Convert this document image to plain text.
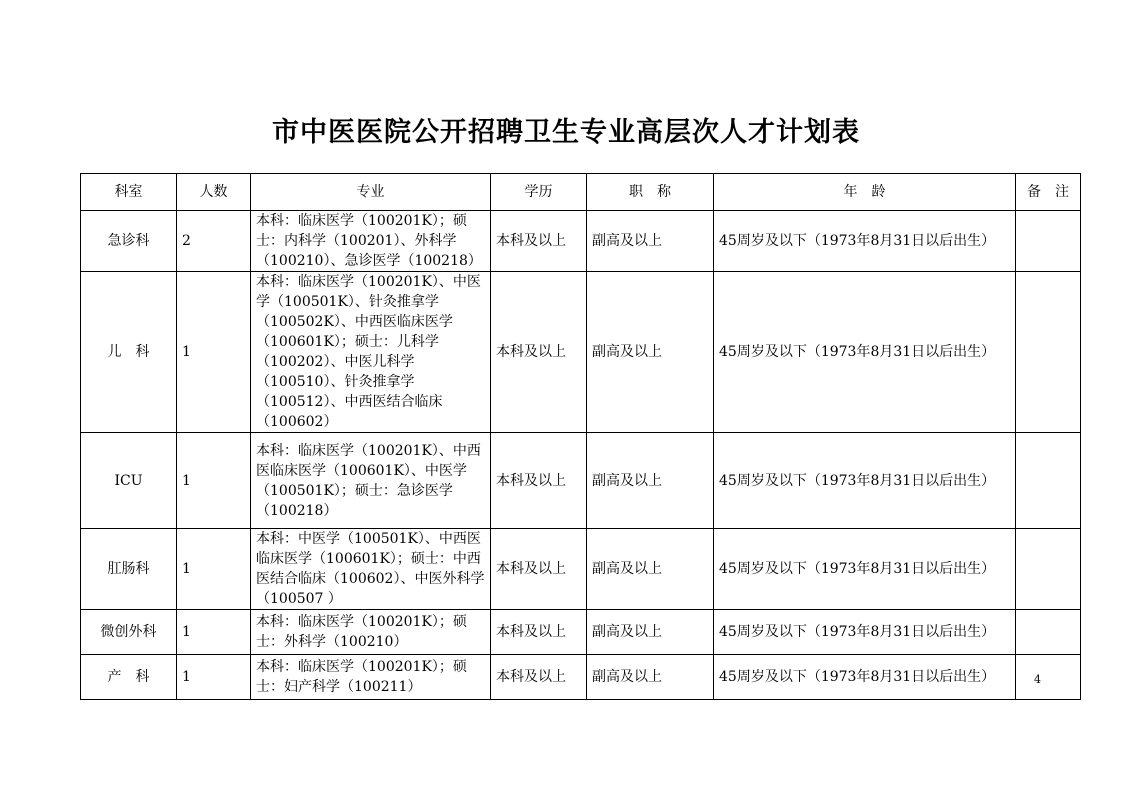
市中医医院公开招聘卫生专业高层次人才计划表
科室	人数	专业	学历	职　称	年　龄	备　注
急诊科	2	本科：临床医学（100201K）；硕士：内科学（100201）、外科学（100210）、急诊医学（100218）	本科及以上	副高及以上	45周岁及以下（1973年8月31日以后出生）	
儿　科	1	本科：临床医学（100201K）、中医学（100501K）、针灸推拿学（100502K）、中西医临床医学（100601K）；硕士：儿科学（100202）、中医儿科学（100510）、针灸推拿学（100512）、中西医结合临床（100602）	本科及以上	副高及以上	45周岁及以下（1973年8月31日以后出生）	
ICU	1	本科：临床医学（100201K）、中西医临床医学（100601K）、中医学（100501K）；硕士：急诊医学（100218）	本科及以上	副高及以上	45周岁及以下（1973年8月31日以后出生）	
肛肠科	1	本科：中医学（100501K）、中西医临床医学（100601K）；硕士：中西医结合临床（100602）、中医外科学（100507 ）	本科及以上	副高及以上	45周岁及以下（1973年8月31日以后出生）	
微创外科	1	本科：临床医学（100201K）；硕士：外科学（100210）	本科及以上	副高及以上	45周岁及以下（1973年8月31日以后出生）	
产　科	1	本科：临床医学（100201K）；硕士：妇产科学（100211）	本科及以上	副高及以上	45周岁及以下（1973年8月31日以后出生）		4
